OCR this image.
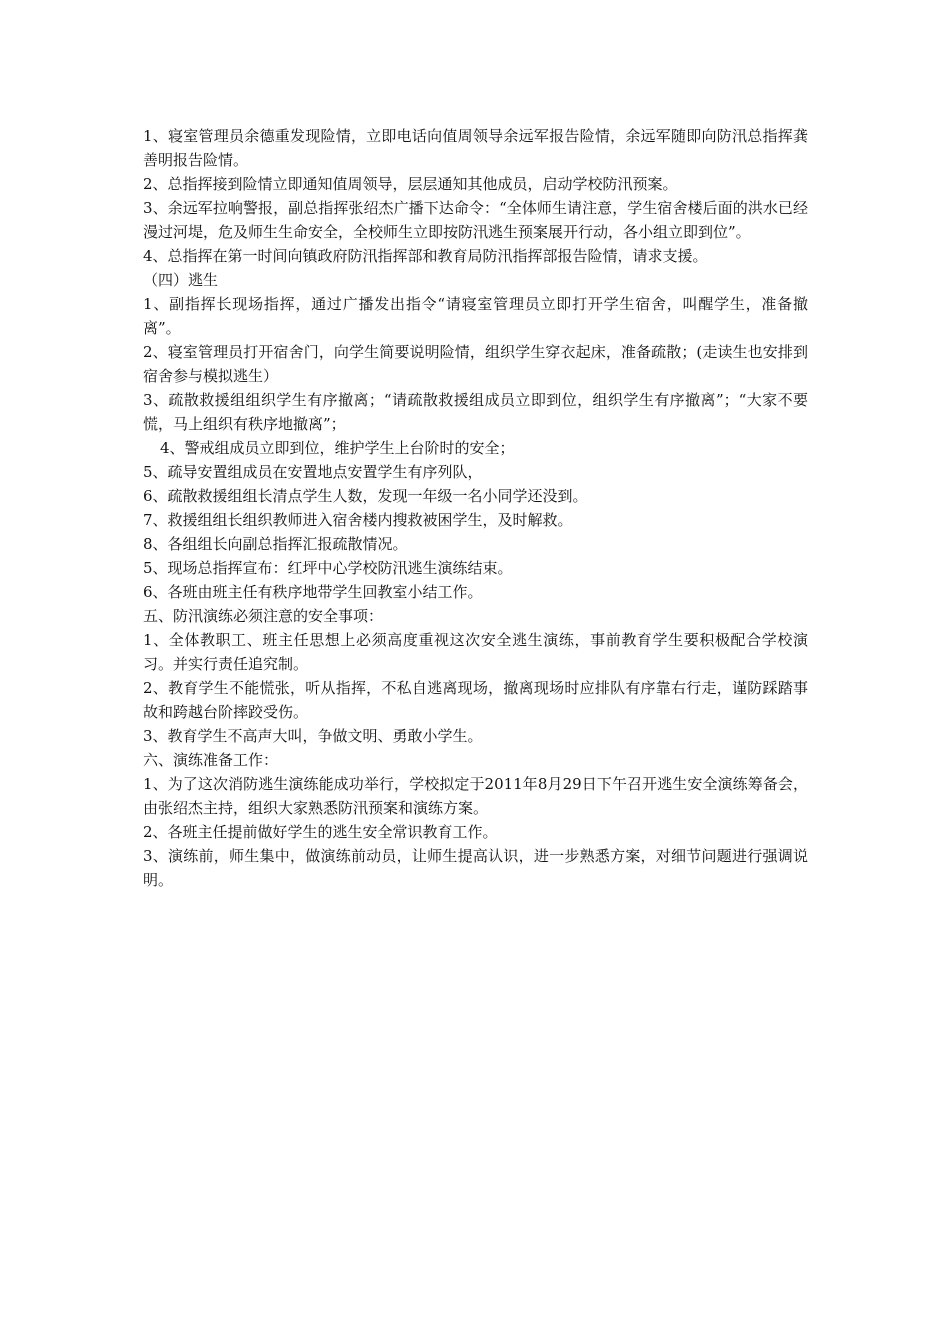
1、寝室管理员余德重发现险情，立即电话向值周领导余远军报告险情，余远军随即向防汛总指挥龚善明报告险情。

2、总指挥接到险情立即通知值周领导，层层通知其他成员，启动学校防汛预案。

3、余远军拉响警报，副总指挥张绍杰广播下达命令：“全体师生请注意，学生宿舍楼后面的洪水已经漫过河堤，危及师生生命安全，全校师生立即按防汛逃生预案展开行动，各小组立即到位”。

4、总指挥在第一时间向镇政府防汛指挥部和教育局防汛指挥部报告险情，请求支援。

（四）逃生

1、副指挥长现场指挥，通过广播发出指令“请寝室管理员立即打开学生宿舍，叫醒学生，准备撤离”。

2、寝室管理员打开宿舍门，向学生简要说明险情，组织学生穿衣起床，准备疏散；(走读生也安排到宿舍参与模拟逃生）

3、疏散救援组组织学生有序撤离；“请疏散救援组成员立即到位，组织学生有序撤离”；“大家不要慌，马上组织有秩序地撤离”；

4、警戒组成员立即到位，维护学生上台阶时的安全；

5、疏导安置组成员在安置地点安置学生有序列队，

6、疏散救援组组长清点学生人数，发现一年级一名小同学还没到。

7、救援组组长组织教师进入宿舍楼内搜救被困学生，及时解救。

8、各组组长向副总指挥汇报疏散情况。

5、现场总指挥宣布：红坪中心学校防汛逃生演练结束。

6、各班由班主任有秩序地带学生回教室小结工作。

五、防汛演练必须注意的安全事项：

1、全体教职工、班主任思想上必须高度重视这次安全逃生演练，事前教育学生要积极配合学校演习。并实行责任追究制。

2、教育学生不能慌张，听从指挥，不私自逃离现场，撤离现场时应排队有序靠右行走，谨防踩踏事故和跨越台阶摔跤受伤。

3、教育学生不高声大叫，争做文明、勇敢小学生。

六、演练准备工作：

1、为了这次消防逃生演练能成功举行，学校拟定于2011年8月29日下午召开逃生安全演练筹备会，由张绍杰主持，组织大家熟悉防汛预案和演练方案。

2、各班主任提前做好学生的逃生安全常识教育工作。

3、演练前，师生集中，做演练前动员，让师生提高认识，进一步熟悉方案，对细节问题进行强调说明。
